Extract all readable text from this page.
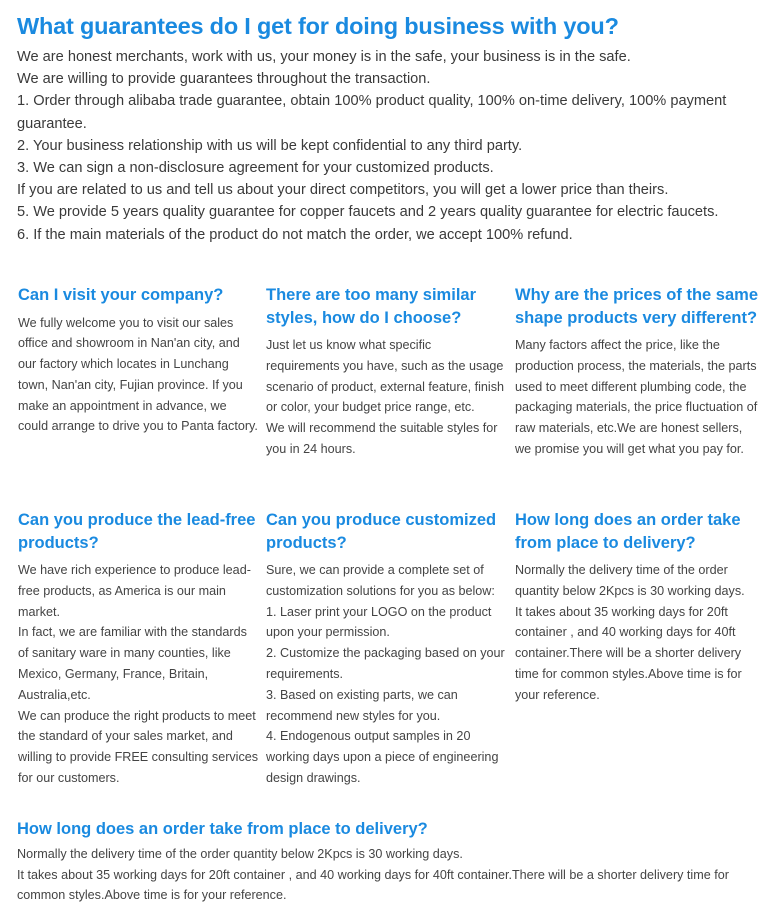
What guarantees do I get for doing business with you?

We are honest merchants, work with us, your money is in the safe, your business is in the safe.

We are willing to provide guarantees throughout the transaction.

1. Order through alibaba trade guarantee, obtain 100% product quality, 100% on-time delivery, 100% payment guarantee.

2. Your business relationship with us will be kept confidential to any third party.

3. We can sign a non-disclosure agreement for your customized products.

If you are related to us and tell us about your direct competitors, you will get a lower price than theirs.

5. We provide 5 years quality guarantee for copper faucets and 2 years quality guarantee for electric faucets.

6. If the main materials of the product do not match the order, we accept 100% refund.

Can I visit your company?

We fully welcome you to visit our sales office and showroom in Nan'an city, and our factory which locates in Lunchang town, Nan'an city, Fujian province. If you make an appointment in advance, we could arrange to drive you to Panta factory.

There are too many similar styles, how do I choose?

Just let us know what specific requirements you have, such as the usage scenario of product, external feature, finish or color, your budget price range, etc.

We will recommend the suitable styles for you in 24 hours.

Why are the prices of the same shape products very different?

Many factors affect the price, like the production process, the materials, the parts used to meet different plumbing code, the packaging materials, the price fluctuation of raw materials, etc.We are honest sellers, we promise you will get what you pay for.

Can you produce the lead-free products?

We have rich experience to produce lead-free products, as America is our main market.

In fact, we are familiar with the standards of sanitary ware in many counties, like Mexico, Germany, France, Britain, Australia,etc.

We can produce the right products to meet the standard of your sales market, and willing to provide FREE consulting services for our customers.

Can you produce customized products?

Sure, we can provide a complete set of customization solutions for you as below:

1. Laser print your LOGO on the product upon your permission.

2. Customize the packaging based on your requirements.

3. Based on existing parts, we can recommend new styles for you.

4. Endogenous output samples in 20 working days upon a piece of engineering design drawings.

How long does an order take from place to delivery?

Normally the delivery time of the order quantity below 2Kpcs is 30 working days.

It takes about 35 working days for 20ft container , and 40 working days for 40ft container.There will be a shorter delivery time for common styles.Above time is for your reference.

How long does an order take from place to delivery?

Normally the delivery time of the order quantity below 2Kpcs is 30 working days.

It takes about 35 working days for 20ft container , and 40 working days for 40ft container.There will be a shorter delivery time for common styles.Above time is for your reference.
